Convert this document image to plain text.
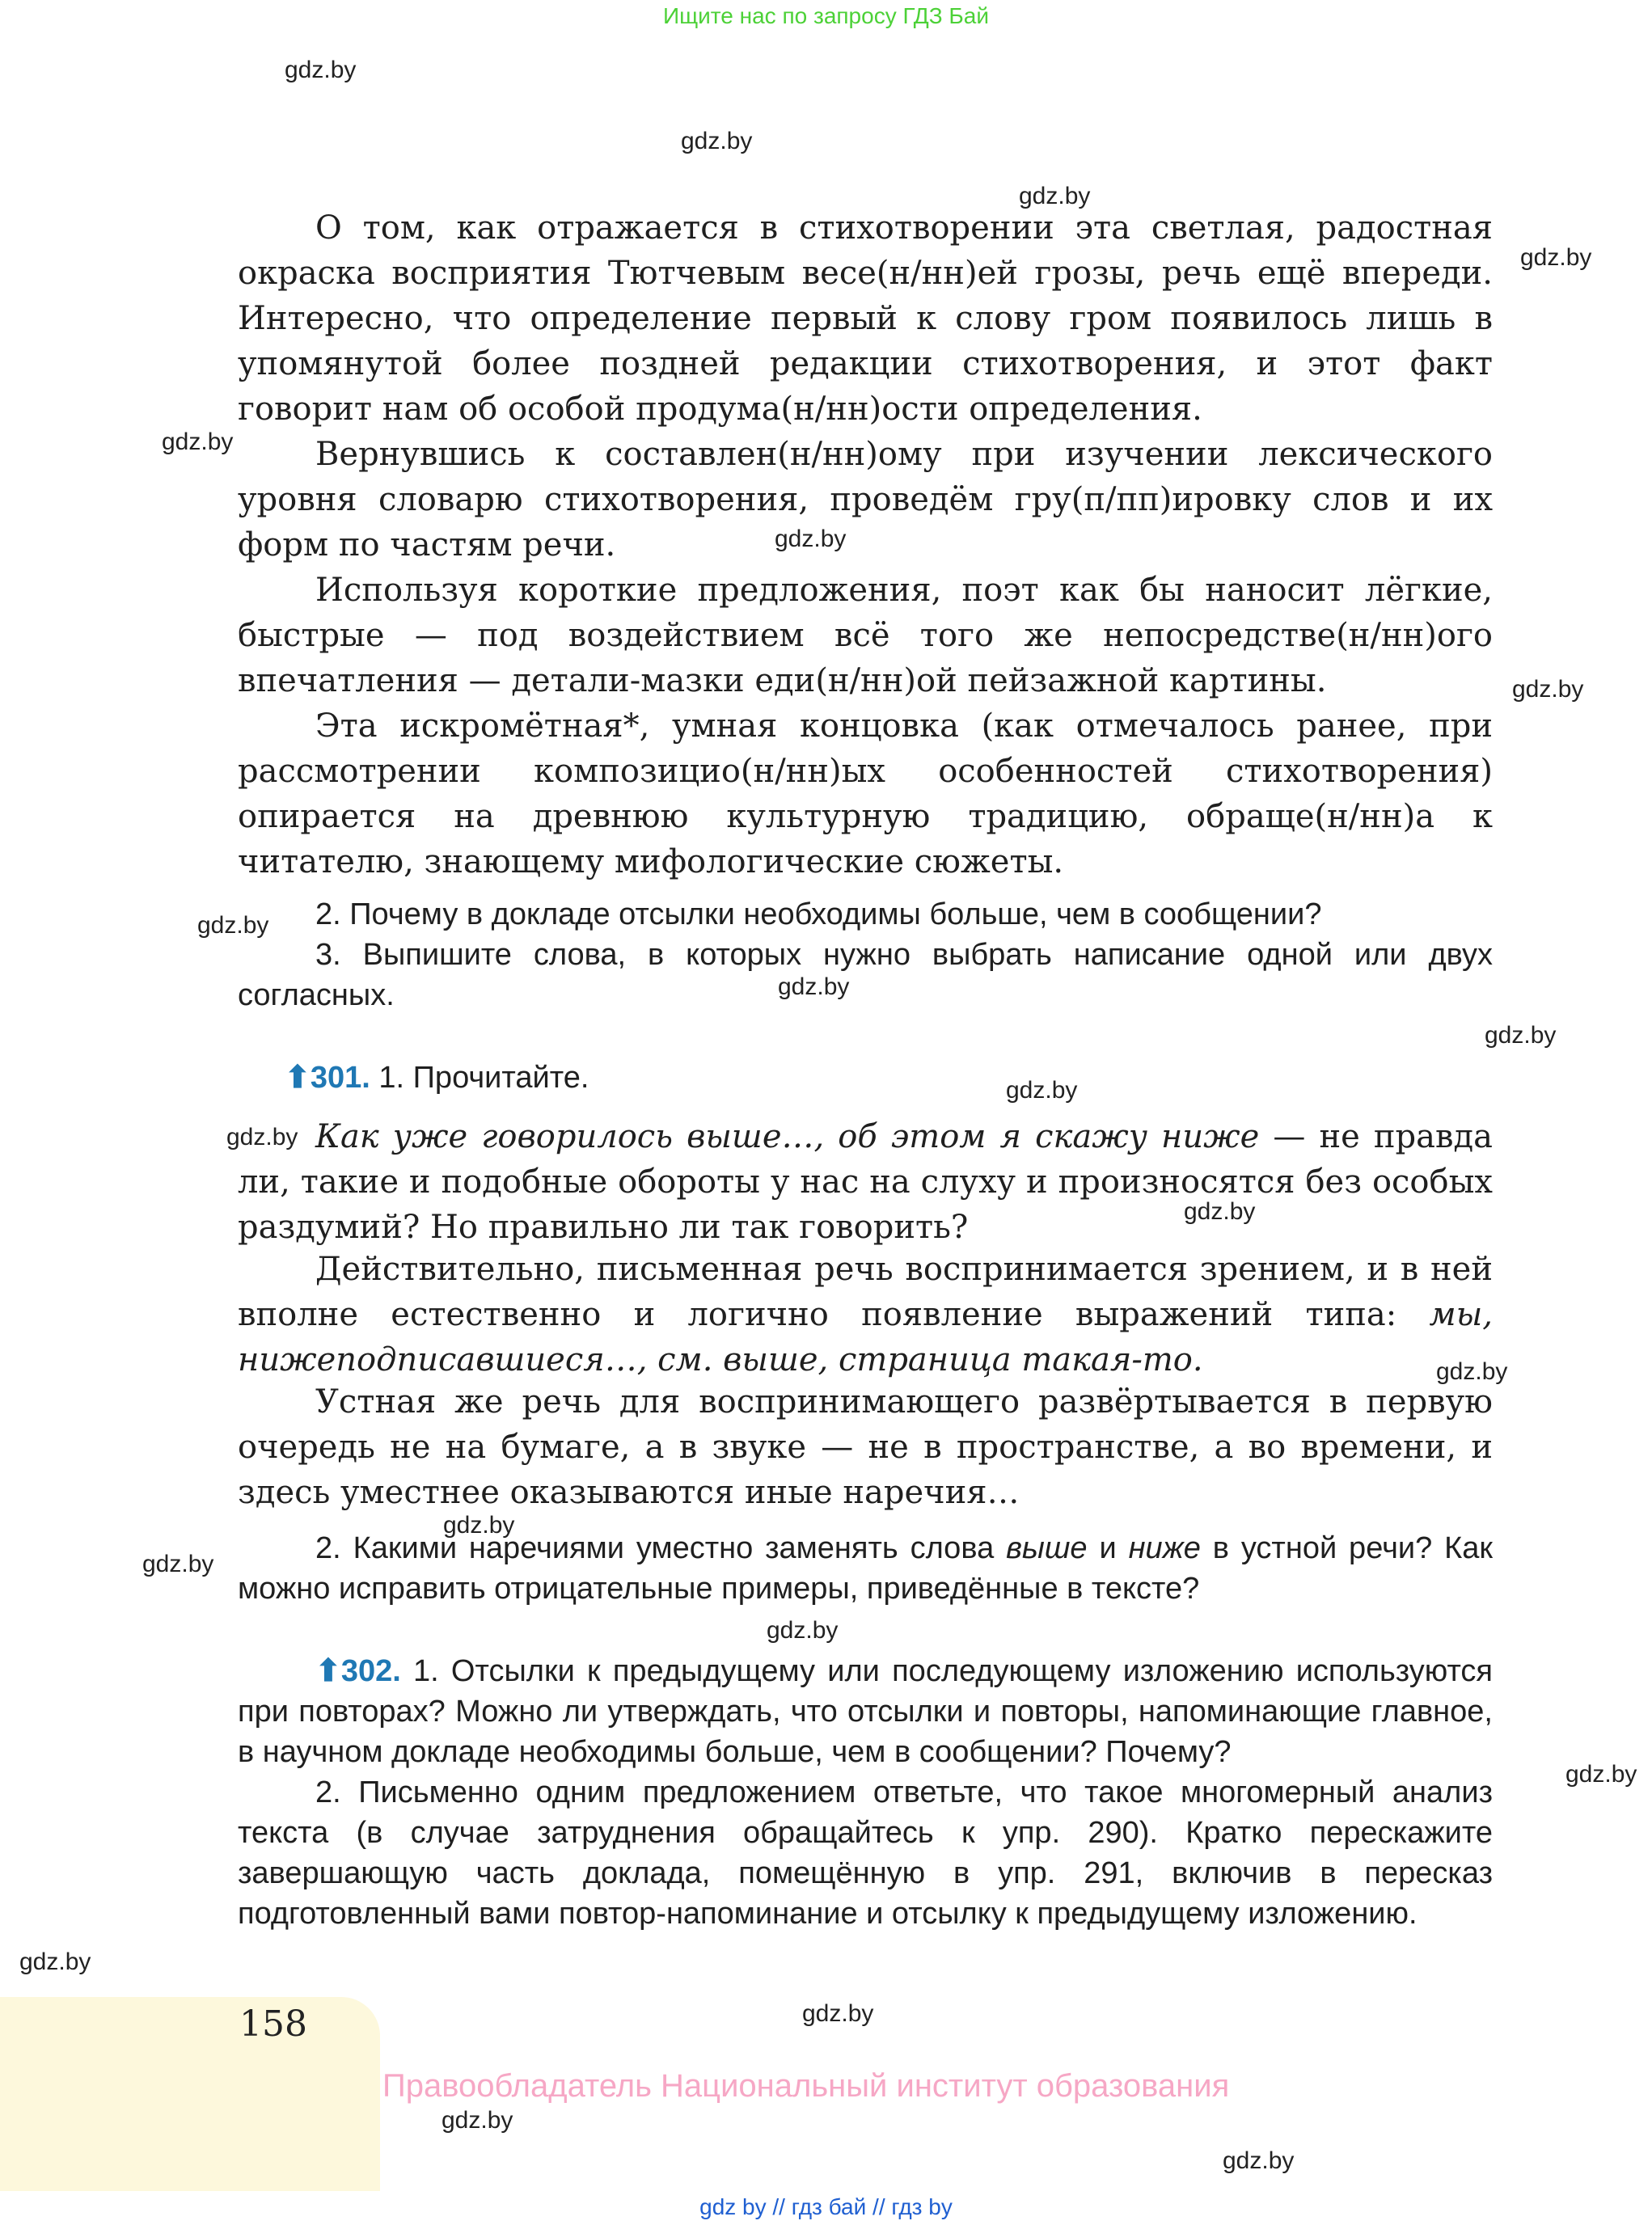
Ищите нас по запросу ГДЗ Бай
gdz.by
gdz.by
gdz.by
gdz.by
gdz.by
gdz.by
gdz.by
gdz.by
gdz.by
gdz.by
gdz.by
gdz.by
gdz.by
gdz.by
gdz.by
gdz.by
gdz.by
gdz.by
gdz.by
gdz.by
gdz.by
gdz.by

О том, как отражается в стихотворении эта светлая, радостная окраска восприятия Тютчевым весе(н/нн)ей грозы, речь ещё впереди. Интересно, что определение первый к слову гром появилось лишь в упомянутой более поздней редакции стихотворения, и этот факт говорит нам об особой продума(н/нн)ости определения.

Вернувшись к составлен(н/нн)ому при изучении лексического уровня словарю стихотворения, проведём гру(п/пп)ировку слов и их форм по частям речи.

Используя короткие предложения, поэт как бы наносит лёгкие, быстрые — под воздействием всё того же непосредстве(н/нн)ого впечатления — детали-мазки еди(н/нн)ой пейзажной картины.

Эта искромётная*, умная концовка (как отмечалось ранее, при рассмотрении композицио(н/нн)ых особенностей стихотворения) опирается на древнюю культурную традицию, обраще(н/нн)а к читателю, знающему мифологические сюжеты.

2. Почему в докладе отсылки необходимы больше, чем в сообщении?

3. Выпишите слова, в которых нужно выбрать написание одной или двух согласных.

⬆301. 1. Прочитайте.

Как уже говорилось выше…, об этом я скажу ниже — не правда ли, такие и подобные обороты у нас на слуху и произносятся без особых раздумий? Но правильно ли так говорить?

Действительно, письменная речь воспринимается зрением, и в ней вполне естественно и логично появление выражений типа: мы, нижеподписавшиеся…, см. выше, страница такая-то.

Устная же речь для воспринимающего развёртывается в первую очередь не на бумаге, а в звуке — не в пространстве, а во времени, и здесь уместнее оказываются иные наречия…

2. Какими наречиями уместно заменять слова выше и ниже в устной речи? Как можно исправить отрицательные примеры, приведённые в тексте?

⬆302. 1. Отсылки к предыдущему или последующему изложению используются при повторах? Можно ли утверждать, что отсылки и повторы, напоминающие главное, в научном докладе необходимы больше, чем в сообщении? Почему?

2. Письменно одним предложением ответьте, что такое многомерный анализ текста (в случае затруднения обращайтесь к упр. 290). Кратко перескажите завершающую часть доклада, помещённую в упр. 291, включив в пересказ подготовленный вами повтор-напоминание и отсылку к предыдущему изложению.

158
Правообладатель Национальный институт образования
gdz by // гдз бай // гдз by
